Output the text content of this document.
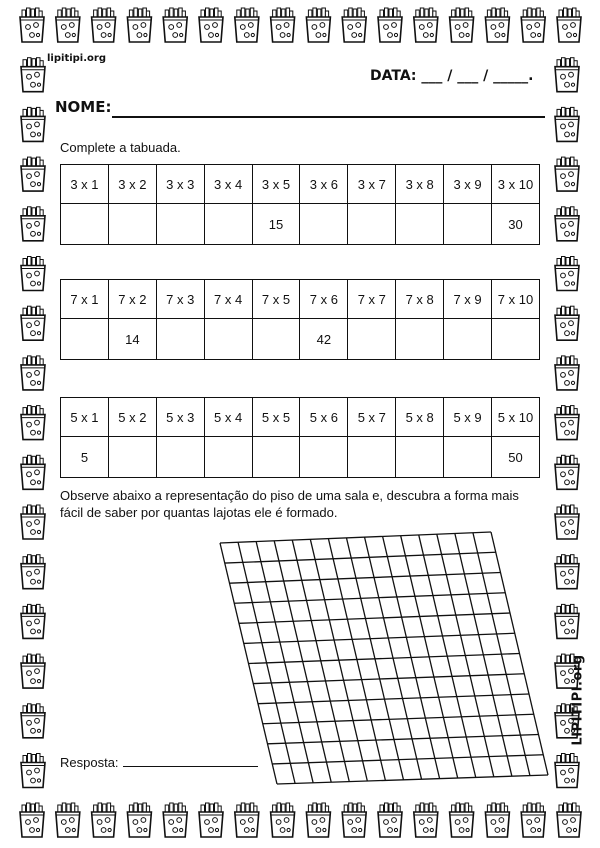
lipitipi.org
LIPITIPI.org
DATA: ___ / ___ / _____.
NOME:
Complete a tabuada.
3 x 1	3 x 2	3 x 3	3 x 4	3 x 5	3 x 6	3 x 7	3 x 8	3 x 9	3 x 10
				15					30
7 x 1	7 x 2	7 x 3	7 x 4	7 x 5	7 x 6	7 x 7	7 x 8	7 x 9	7 x 10
	14				42				
5 x 1	5 x 2	5 x 3	5 x 4	5 x 5	5 x 6	5 x 7	5 x 8	5 x 9	5 x 10
5									50
Observe abaixo a representação do piso de uma sala e, descubra a forma mais fácil de saber por quantas lajotas ele é formado.
Resposta:
